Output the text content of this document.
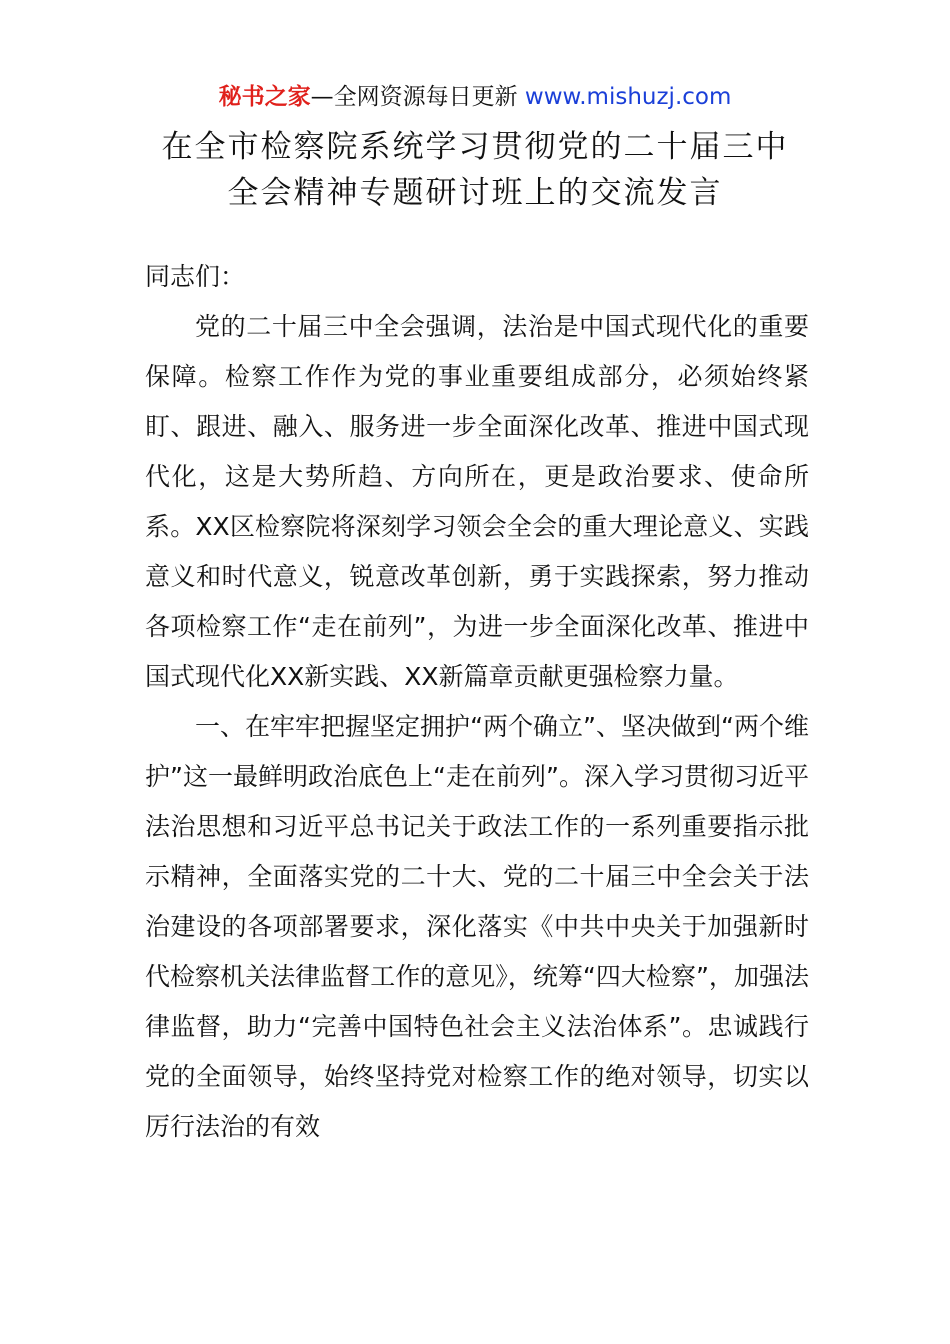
秘书之家—全网资源每日更新 www.mishuzj.com
在全市检察院系统学习贯彻党的二十届三中
全会精神专题研讨班上的交流发言

同志们：

党的二十届三中全会强调，法治是中国式现代化的重要保障。检察工作作为党的事业重要组成部分，必须始终紧盯、跟进、融入、服务进一步全面深化改革、推进中国式现代化，这是大势所趋、方向所在，更是政治要求、使命所系。XX区检察院将深刻学习领会全会的重大理论意义、实践意义和时代意义，锐意改革创新，勇于实践探索，努力推动各项检察工作“走在前列”，为进一步全面深化改革、推进中国式现代化XX新实践、XX新篇章贡献更强检察力量。

一、在牢牢把握坚定拥护“两个确立”、坚决做到“两个维护”这一最鲜明政治底色上“走在前列”。深入学习贯彻习近平法治思想和习近平总书记关于政法工作的一系列重要指示批示精神，全面落实党的二十大、党的二十届三中全会关于法治建设的各项部署要求，深化落实《中共中央关于加强新时代检察机关法律监督工作的意见》，统筹“四大检察”，加强法律监督，助力“完善中国特色社会主义法治体系”。忠诚践行党的全面领导，始终坚持党对检察工作的绝对领导，切实以厉行法治的有效
